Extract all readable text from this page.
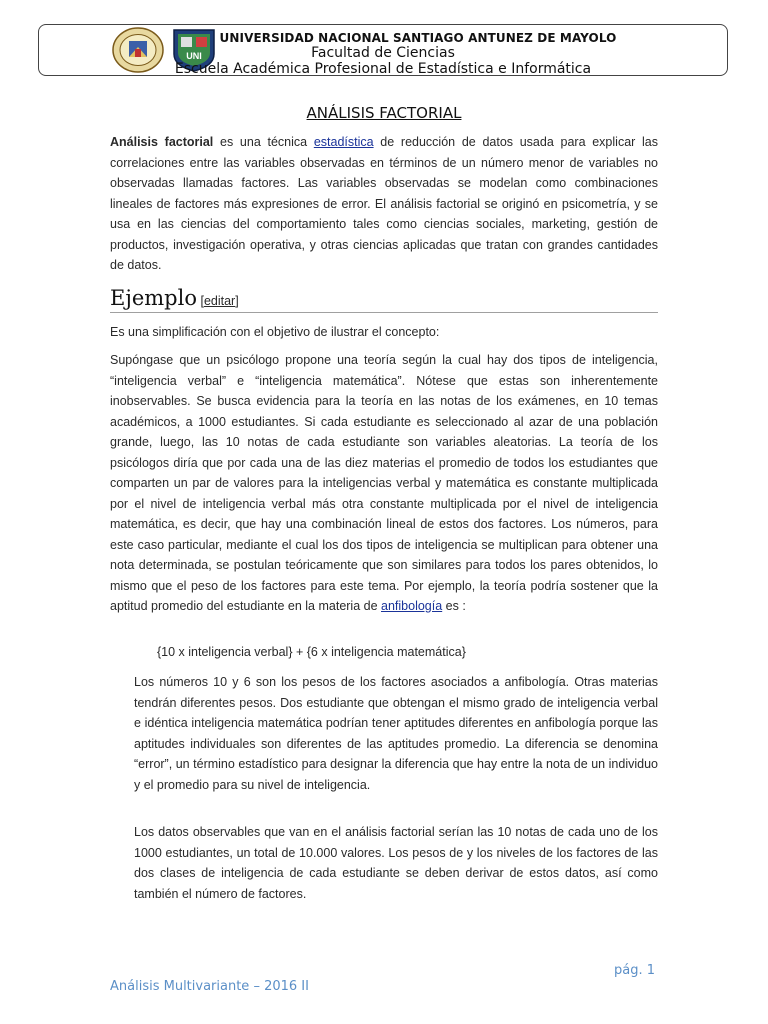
UNI
UNIVERSIDAD NACIONAL SANTIAGO ANTUNEZ DE MAYOLO
Facultad de Ciencias
Escuela Académica Profesional de Estadística e Informática
ANÁLISIS FACTORIAL
Análisis factorial es una técnica estadística de reducción de datos usada para explicar las correlaciones entre las variables observadas en términos de un número menor de variables no observadas llamadas factores. Las variables observadas se modelan como combinaciones lineales de factores más expresiones de error. El análisis factorial se originó en psicometría, y se usa en las ciencias del comportamiento tales como ciencias sociales, marketing, gestión de productos, investigación operativa, y otras ciencias aplicadas que tratan con grandes cantidades de datos.
Ejemplo [editar]
Es una simplificación con el objetivo de ilustrar el concepto:
Supóngase que un psicólogo propone una teoría según la cual hay dos tipos de inteligencia, “inteligencia verbal” e “inteligencia matemática”. Nótese que estas son inherentemente inobservables. Se busca evidencia para la teoría en las notas de los exámenes, en 10 temas académicos, a 1000 estudiantes. Si cada estudiante es seleccionado al azar de una población grande, luego, las 10 notas de cada estudiante son variables aleatorias. La teoría de los psicólogos diría que por cada una de las diez materias el promedio de todos los estudiantes que comparten un par de valores para la inteligencias verbal y matemática es constante multiplicada por el nivel de inteligencia verbal más otra constante multiplicada por el nivel de inteligencia matemática, es decir, que hay una combinación lineal de estos dos factores. Los números, para este caso particular, mediante el cual los dos tipos de inteligencia se multiplican para obtener una nota determinada, se postulan teóricamente que son similares para todos los pares obtenidos, lo mismo que el peso de los factores para este tema. Por ejemplo, la teoría podría sostener que la aptitud promedio del estudiante en la materia de anfibología es :
{10 x inteligencia verbal} + {6 x inteligencia matemática}
Los números 10 y 6 son los pesos de los factores asociados a anfibología. Otras materias tendrán diferentes pesos. Dos estudiante que obtengan el mismo grado de inteligencia verbal e idéntica inteligencia matemática podrían tener aptitudes diferentes en anfibología porque las aptitudes individuales son diferentes de las aptitudes promedio. La diferencia se denomina “error”, un término estadístico para designar la diferencia que hay entre la nota de un individuo y el promedio para su nivel de inteligencia.
Los datos observables que van en el análisis factorial serían las 10 notas de cada uno de los 1000 estudiantes, un total de 10.000 valores. Los pesos de y los niveles de los factores de las dos clases de inteligencia de cada estudiante se deben derivar de estos datos, así como también el número de factores.
pág. 1
Análisis Multivariante – 2016 II
